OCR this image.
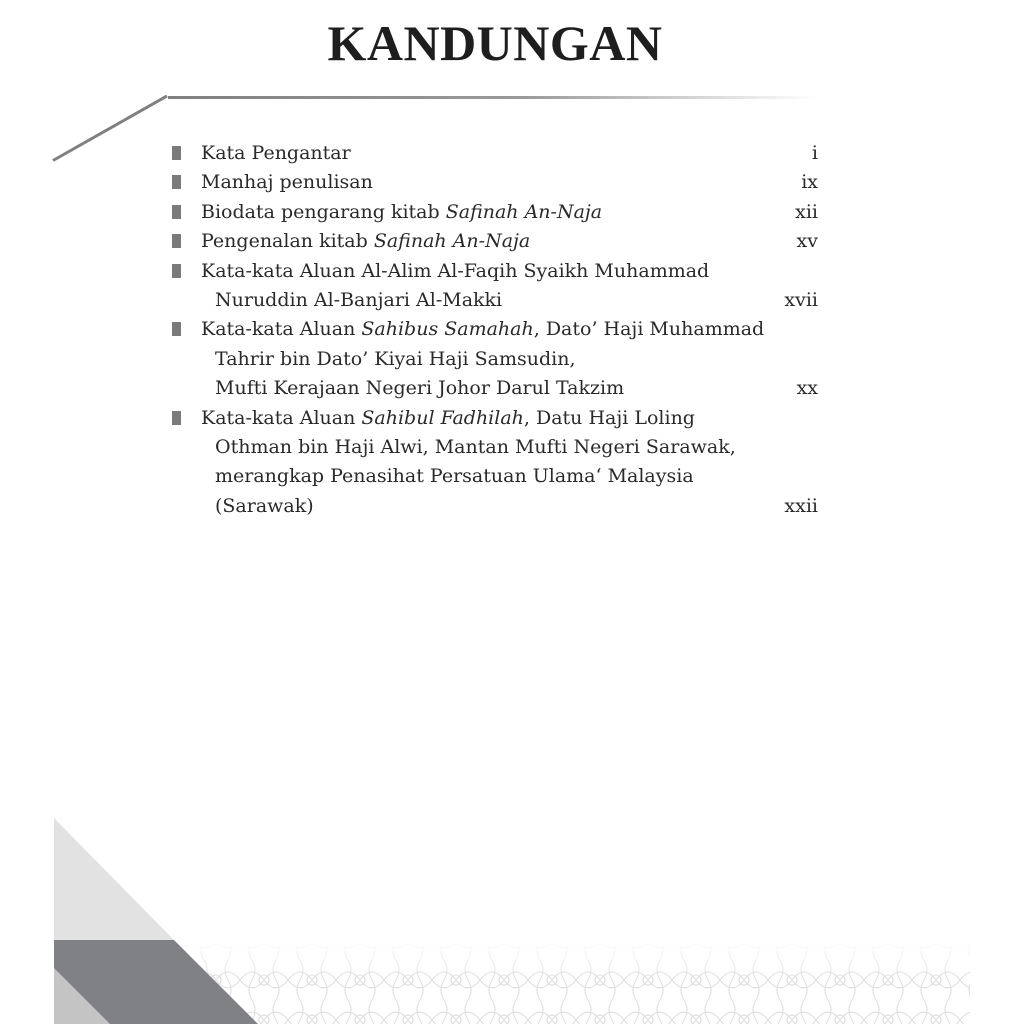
KANDUNGAN
Kata Pengantar	i
Manhaj penulisan	ix
Biodata pengarang kitab Safinah An-Naja	xii
Pengenalan kitab Safinah An-Naja	xv
Kata-kata Aluan Al-Alim Al-Faqih Syaikh Muhammad
Nuruddin Al-Banjari Al-Makki	xvii
Kata-kata Aluan Sahibus Samahah, Dato’ Haji Muhammad
Tahrir bin Dato’ Kiyai Haji Samsudin,
Mufti Kerajaan Negeri Johor Darul Takzim	xx
Kata-kata Aluan Sahibul Fadhilah, Datu Haji Loling
Othman bin Haji Alwi, Mantan Mufti Negeri Sarawak,
merangkap Penasihat Persatuan Ulama‘ Malaysia
(Sarawak)	xxii
